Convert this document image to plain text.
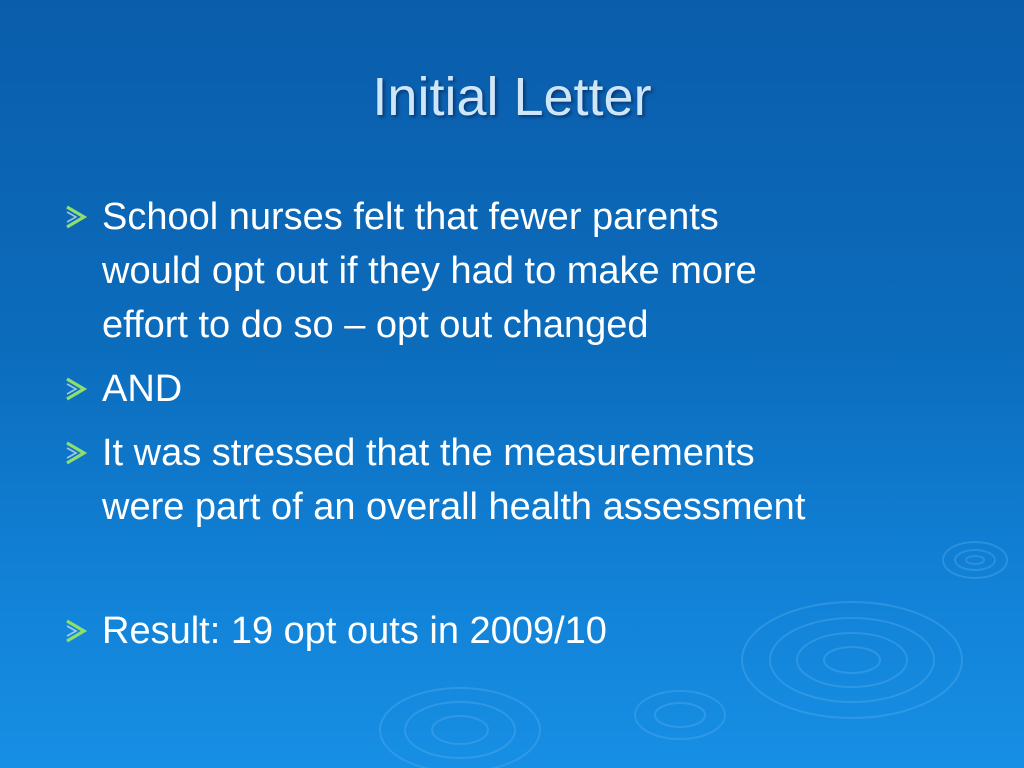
Initial Letter
School nurses felt that fewer parents
would opt out if they had to make more
effort to do so – opt out changed
AND
It was stressed that the measurements
were part of an overall health assessment
Result: 19 opt outs in 2009/10
